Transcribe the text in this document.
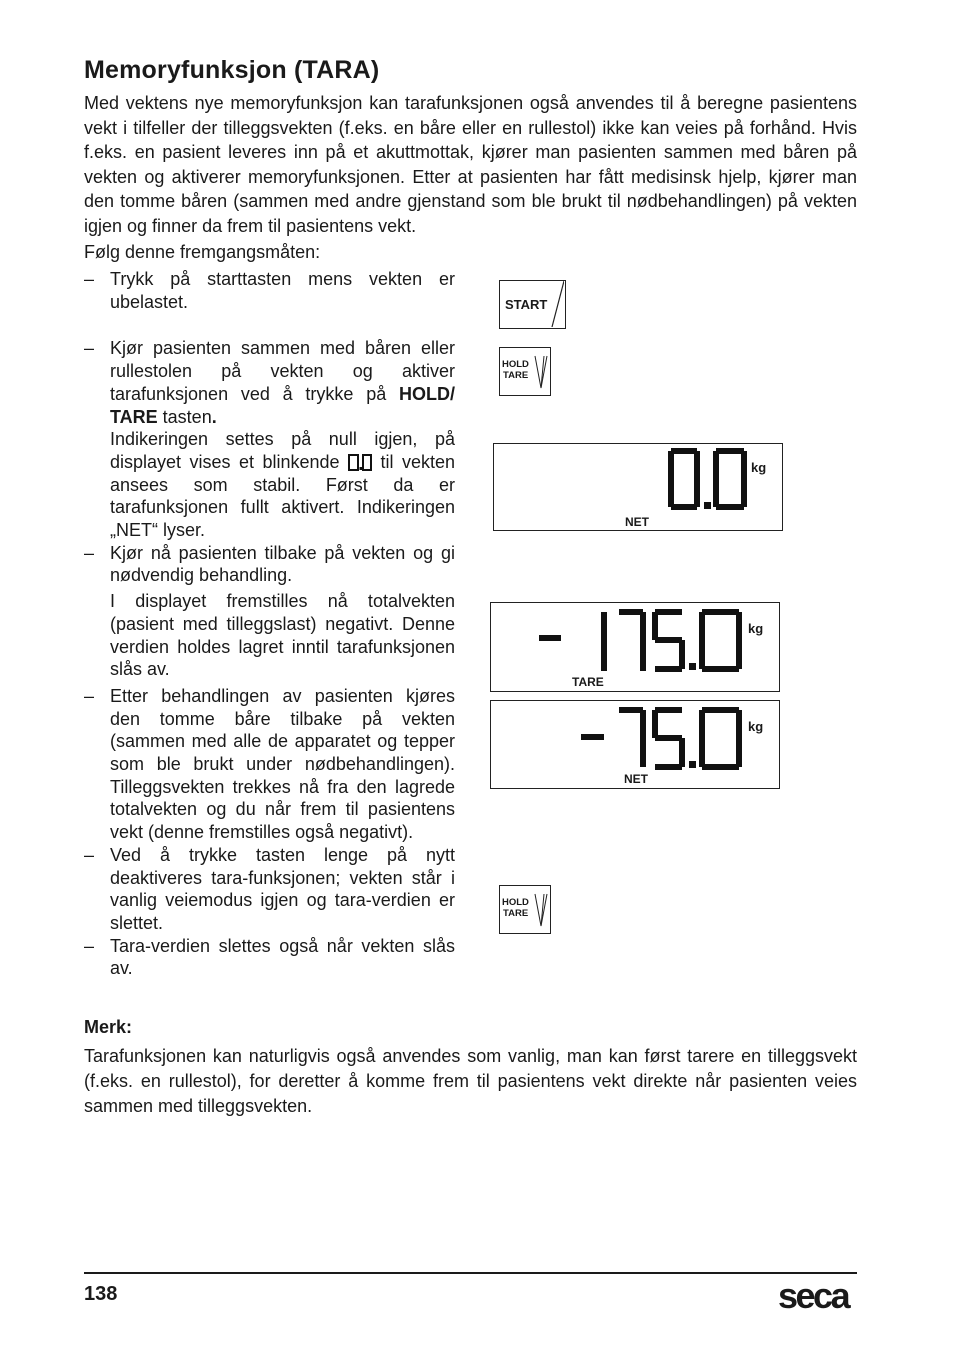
Memoryfunksjon (TARA)
Med vektens nye memoryfunksjon kan tarafunksjonen også anvendes til å beregne pasientens vekt i tilfeller der tilleggsvekten (f.eks. en båre eller en rullestol) ikke kan veies på forhånd. Hvis f.eks. en pasient leveres inn på et akuttmottak, kjører man pasienten sammen med båren på vekten og aktiverer memoryfunksjonen. Etter at pasienten har fått medisinsk hjelp, kjører man den tomme båren (sammen med andre gjenstand som ble brukt til nødbehandlingen) på vekten igjen og finner da frem til pasientens vekt.
Følg denne fremgangsmåten:
– Trykk på starttasten mens vekten er ubelastet.

– Kjør pasienten sammen med båren eller rullestolen på vekten og aktiver tarafunksjonen ved å trykke på HOLD/ TARE tasten.

Indikeringen settes på null igjen, på displayet vises et blinkende  til vekten ansees som stabil. Først da er tarafunksjonen fullt aktivert. Indikeringen „NET“ lyser.

– Kjør nå pasienten tilbake på vekten og gi nødvendig behandling.

I displayet fremstilles nå totalvekten (pasient med tilleggslast) negativt. Denne verdien holdes lagret inntil tarafunksjonen slås av.

– Etter behandlingen av pasienten kjøres den tomme båre tilbake på vekten (sammen med alle de apparatet og tepper som ble brukt under nødbehandlingen). Tilleggsvekten trekkes nå fra den lagrede totalvekten og du når frem til pasientens vekt (denne fremstilles også negativt).

– Ved å trykke tasten lenge på nytt deaktiveres tara-funksjonen; vekten står i vanlig veiemodus igjen og tara-verdien er slettet.

– Tara-verdien slettes også når vekten slås av.

START
HOLD
TARE
HOLD
TARE
kg
NET
kg
TARE
kg
NET
Merk:
Tarafunksjonen kan naturligvis også anvendes som vanlig, man kan først tarere en tilleggsvekt (f.eks. en rullestol), for deretter å komme frem til pasientens vekt direkte når pasienten veies sammen med tilleggsvekten.
138	seca
